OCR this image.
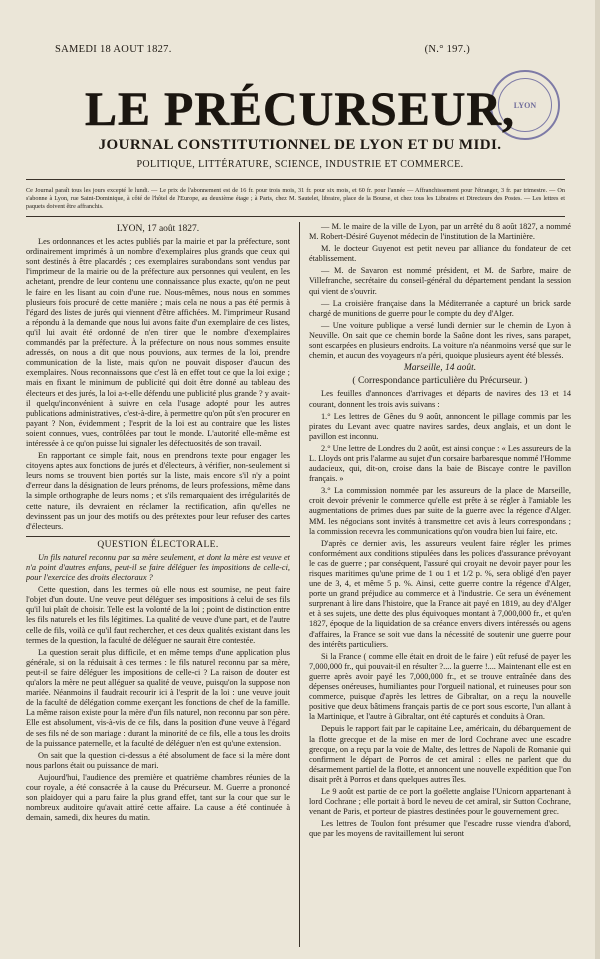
SAMEDI 18 AOUT 1827.	(N.° 197.)
LYON
LE PRÉCURSEUR,
JOURNAL CONSTITUTIONNEL DE LYON ET DU MIDI.
POLITIQUE, LITTÉRATURE, SCIENCE, INDUSTRIE ET COMMERCE.
Ce Journal paraît tous les jours excepté le lundi. — Le prix de l'abonnement est de 16 fr. pour trois mois, 31 fr. pour six mois, et 60 fr. pour l'année — Affranchissement pour l'étranger, 3 fr. par trimestre. — On s'abonne à Lyon, rue Saint-Dominique, à côté de l'hôtel de l'Europe, au deuxième étage ; à Paris, chez M. Sautelet, libraire, place de la Bourse, et chez tous les Libraires et Directeurs des Postes. — Les lettres et paquets doivent être affranchis.
LYON, 17 août 1827.

Les ordonnances et les actes publiés par la mairie et par la préfecture, sont ordinairement imprimés à un nombre d'exemplaires plus grands que ceux qui sont destinés à être placardés ; ces exemplaires surabondans sont vendus par l'imprimeur de la mairie ou de la préfecture aux personnes qui veulent, en les achetant, prendre de leur contenu une connaissance plus exacte, qu'on ne peut le faire en les lisant au coin d'une rue. Nous-mêmes, nous nous en sommes plusieurs fois procuré de cette manière ; mais cela ne nous a pas été permis à l'égard des listes de jurés qui viennent d'être affichées. M. l'imprimeur Rusand a répondu à la demande que nous lui avons faite d'un exemplaire de ces listes, qu'il lui avait été ordonné de n'en tirer que le nombre d'exemplaires commandés par la préfecture. À la préfecture on nous nous sommes ensuite adressés, on nous a dit que nous pouvions, aux termes de la loi, prendre communication de la liste, mais qu'on ne pouvait disposer d'aucun des exemplaires. Nous reconnaissons que c'est là en effet tout ce que la loi exige ; mais en fixant le minimum de publicité qui doit être donné au tableau des électeurs et des jurés, la loi a-t-elle défendu une publicité plus grande ? y avait-il quelqu'inconvénient à suivre en cela l'usage adopté pour les autres publications administratives, c'est-à-dire, à permettre qu'on pût s'en procurer en payant ? Non, évidemment ; l'esprit de la loi est au contraire que les listes soient connues, vues, contrôlées par tout le monde. L'autorité elle-même est intéressée à ce qu'on puisse lui signaler les défectuosités de son travail.

En rapportant ce simple fait, nous en prendrons texte pour engager les citoyens aptes aux fonctions de jurés et d'électeurs, à vérifier, non-seulement si leurs noms se trouvent bien portés sur la liste, mais encore s'il n'y a point d'erreur dans la désignation de leurs prénoms, de leurs professions, même dans la simple orthographe de leurs noms ; et s'ils remarquaient des irrégularités de cette nature, ils devraient en réclamer la rectification, afin qu'elles ne devinssent pas un jour des motifs ou des prétextes pour leur refuser des cartes d'électeurs.

QUESTION ÉLECTORALE.

Un fils naturel reconnu par sa mère seulement, et dont la mère est veuve et n'a point d'autres enfans, peut-il se faire déléguer les impositions de celle-ci, pour l'exercice des droits électoraux ?

Cette question, dans les termes où elle nous est soumise, ne peut faire l'objet d'un doute. Une veuve peut déléguer ses impositions à celui de ses fils qu'il lui plaît de choisir. Telle est la volonté de la loi ; point de distinction entre les fils naturels et les fils légitimes. La qualité de veuve d'une part, et de l'autre celle de fils, voilà ce qu'il faut rechercher, et ces deux qualités existant dans les termes de la question, la faculté de déléguer ne saurait être contestée.

La question serait plus difficile, et en même temps d'une application plus générale, si on la réduisait à ces termes : le fils naturel reconnu par sa mère, peut-il se faire déléguer les impositions de celle-ci ? La raison de douter est qu'alors la mère ne peut alléguer sa qualité de veuve, puisqu'on la suppose non mariée. Néanmoins il faudrait recourir ici à l'esprit de la loi : une veuve jouit de la faculté de délégation comme exerçant les fonctions de chef de la famille. La même raison existe pour la mère d'un fils naturel, non reconnu par son père. Elle est absolument, vis-à-vis de ce fils, dans la position d'une veuve à l'égard de ses fils né de son mariage : durant la minorité de ce fils, elle a tous les droits de la puissance paternelle, et la faculté de déléguer n'en est qu'une extension.

On sait que la question ci-dessus a été absolument de face si la mère dont nous parlons était ou puissance de mari.

Aujourd'hui, l'audience des première et quatrième chambres réunies de la cour royale, a été consacrée à la cause du Précurseur. M. Guerre a prononcé son plaidoyer qui a paru faire la plus grand effet, tant sur la cour que sur le nombreux auditoire qu'avait attiré cette affaire. La cause a été continuée à demain, samedi, dix heures du matin.

— M. le maire de la ville de Lyon, par un arrêté du 8 août 1827, a nommé M. Robert-Désiré Guyenot médecin de l'institution de la Martinière.

M. le docteur Guyenot est petit neveu par alliance du fondateur de cet établissement.

— M. de Savaron est nommé président, et M. de Sarbre, maire de Villefranche, secrétaire du conseil-général du département pendant la session qui vient de s'ouvrir.

— La croisière française dans la Méditerranée a capturé un brick sarde chargé de munitions de guerre pour le compte du dey d'Alger.

— Une voiture publique a versé lundi dernier sur le chemin de Lyon à Neuville. On sait que ce chemin borde la Saône dont les rives, sans parapet, sont escarpées en plusieurs endroits. La voiture n'a néanmoins versé que sur le chemin, et aucun des voyageurs n'a péri, quoique plusieurs ayent été blessés.

Marseille, 14 août.
( Correspondance particulière du Précurseur. )

Les feuilles d'annonces d'arrivages et départs de navires des 13 et 14 courant, donnent les trois avis suivans :

1.° Les lettres de Gênes du 9 août, annoncent le pillage commis par les pirates du Levant avec quatre navires sardes, deux anglais, et un dont le pavillon est inconnu.

2.° Une lettre de Londres du 2 août, est ainsi conçue : « Les assureurs de la L. Lloyds ont pris l'alarme au sujet d'un corsaire barbaresque nommé l'Homme audacieux, qui, dit-on, croise dans la baie de Biscaye contre le pavillon français. »

3.° La commission nommée par les assureurs de la place de Marseille, croit devoir prévenir le commerce qu'elle est prête à se régler à l'amiable les augmentations de primes dues par suite de la guerre avec la régence d'Alger. MM. les négocians sont invités à transmettre cet avis à leurs correspondans ; la commission recevra les communications qu'on voudra bien lui faire, etc.

D'après ce dernier avis, les assureurs veulent faire régler les primes conformément aux conditions stipulées dans les polices d'assurance prévoyant le cas de guerre ; par conséquent, l'assuré qui croyait ne devoir payer pour les risques maritimes qu'une prime de 1 ou 1 et 1/2 p. %, sera obligé d'en payer une de 3, 4, et même 5 p. %. Ainsi, cette guerre contre la régence d'Alger, porte un grand préjudice au commerce et à l'industrie. Ce sera un événement surprenant à lire dans l'histoire, que la France ait payé en 1819, au dey d'Alger et à ses sujets, une dette des plus équivoques montant à 7,000,000 fr., et qu'en 1827, époque de la liquidation de sa créance envers divers intéressés ou agens d'affaires, la France se soit vue dans la nécessité de soutenir une guerre pour des intérêts particuliers.

Si la France ( comme elle était en droit de le faire ) eût refusé de payer les 7,000,000 fr., qui pouvait-il en résulter ?.... la guerre !.... Maintenant elle est en guerre après avoir payé les 7,000,000 fr., et se trouve entraînée dans des dépenses onéreuses, humiliantes pour l'orgueil national, et ruineuses pour son commerce, puisque d'après les lettres de Gibraltar, on a reçu la nouvelle positive que deux bâtimens français partis de ce port sous escorte, l'un allant à la Martinique, et l'autre à Gibraltar, ont été capturés et conduits à Oran.

Depuis le rapport fait par le capitaine Lee, américain, du débarquement de la flotte grecque et de la mise en mer de lord Cochrane avec une escadre grecque, on a reçu par la voie de Malte, des lettres de Napoli de Romanie qui confirment le départ de Porros de cet amiral : elles ne parlent que du désarmement partiel de la flotte, et annoncent une nouvelle expédition que l'on disait prêt à Porros et dans quelques autres îles.

Le 9 août est partie de ce port la goélette anglaise l'Unicorn appartenant à lord Cochrane ; elle portait à bord le neveu de cet amiral, sir Sutton Cochrane, venant de Paris, et porteur de piastres destinées pour le gouvernement grec.

Les lettres de Toulon font présumer que l'escadre russe viendra d'abord, que par les moyens de ravitaillement lui seront
